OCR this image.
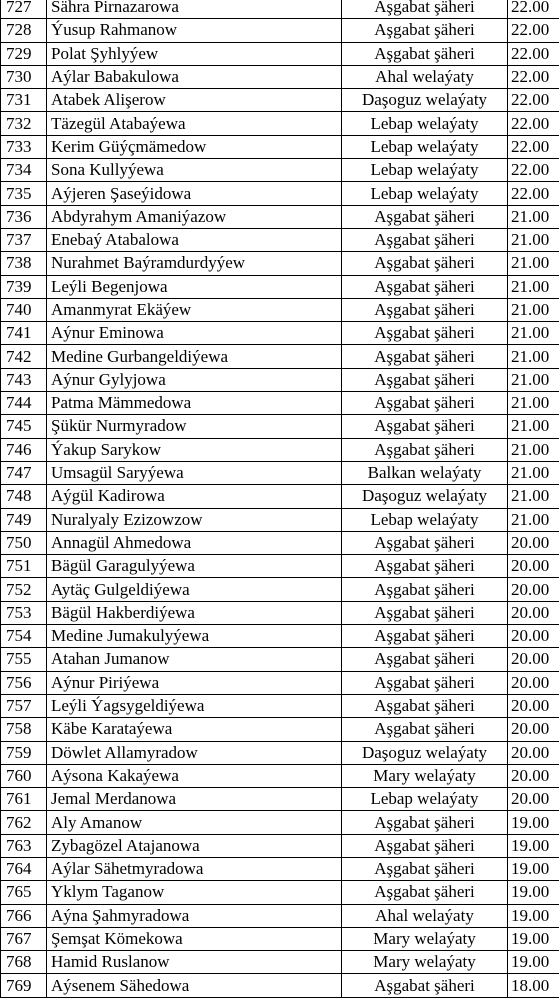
727	Sähra Pirnazarowa	Aşgabat şäheri	22.00
728	Ýusup Rahmanow	Aşgabat şäheri	22.00
729	Polat Şyhlyýew	Aşgabat şäheri	22.00
730	Aýlar Babakulowa	Ahal welaýaty	22.00
731	Atabek Alişerow	Daşoguz welaýaty	22.00
732	Täzegül Atabaýewa	Lebap welaýaty	22.00
733	Kerim Güýçmämedow	Lebap welaýaty	22.00
734	Sona Kullyýewa	Lebap welaýaty	22.00
735	Aýjeren Şaseýidowa	Lebap welaýaty	22.00
736	Abdyrahym Amaniýazow	Aşgabat şäheri	21.00
737	Enebaý Atabalowa	Aşgabat şäheri	21.00
738	Nurahmet Baýramdurdyýew	Aşgabat şäheri	21.00
739	Leýli Begenjowa	Aşgabat şäheri	21.00
740	Amanmyrat Ekäýew	Aşgabat şäheri	21.00
741	Aýnur Eminowa	Aşgabat şäheri	21.00
742	Medine Gurbangeldiýewa	Aşgabat şäheri	21.00
743	Aýnur Gylyjowa	Aşgabat şäheri	21.00
744	Patma Mämmedowa	Aşgabat şäheri	21.00
745	Şükür Nurmyradow	Aşgabat şäheri	21.00
746	Ýakup Sarykow	Aşgabat şäheri	21.00
747	Umsagül Saryýewa	Balkan welaýaty	21.00
748	Aýgül Kadirowa	Daşoguz welaýaty	21.00
749	Nuralyaly Ezizowzow	Lebap welaýaty	21.00
750	Annagül Ahmedowa	Aşgabat şäheri	20.00
751	Bägül Garagulyýewa	Aşgabat şäheri	20.00
752	Aytäç Gulgeldiýewa	Aşgabat şäheri	20.00
753	Bägül Hakberdiýewa	Aşgabat şäheri	20.00
754	Medine Jumakulyýewa	Aşgabat şäheri	20.00
755	Atahan Jumanow	Aşgabat şäheri	20.00
756	Aýnur Piriýewa	Aşgabat şäheri	20.00
757	Leýli Ýagsygeldiýewa	Aşgabat şäheri	20.00
758	Käbe Karataýewa	Aşgabat şäheri	20.00
759	Döwlet Allamyradow	Daşoguz welaýaty	20.00
760	Aýsona Kakaýewa	Mary welaýaty	20.00
761	Jemal Merdanowa	Lebap welaýaty	20.00
762	Aly Amanow	Aşgabat şäheri	19.00
763	Zybagözel Atajanowa	Aşgabat şäheri	19.00
764	Aýlar Sähetmyradowa	Aşgabat şäheri	19.00
765	Yklym Taganow	Aşgabat şäheri	19.00
766	Aýna Şahmyradowa	Ahal welaýaty	19.00
767	Şemşat Kömekowa	Mary welaýaty	19.00
768	Hamid Ruslanow	Mary welaýaty	19.00
769	Aýsenem Sähedowa	Aşgabat şäheri	18.00
